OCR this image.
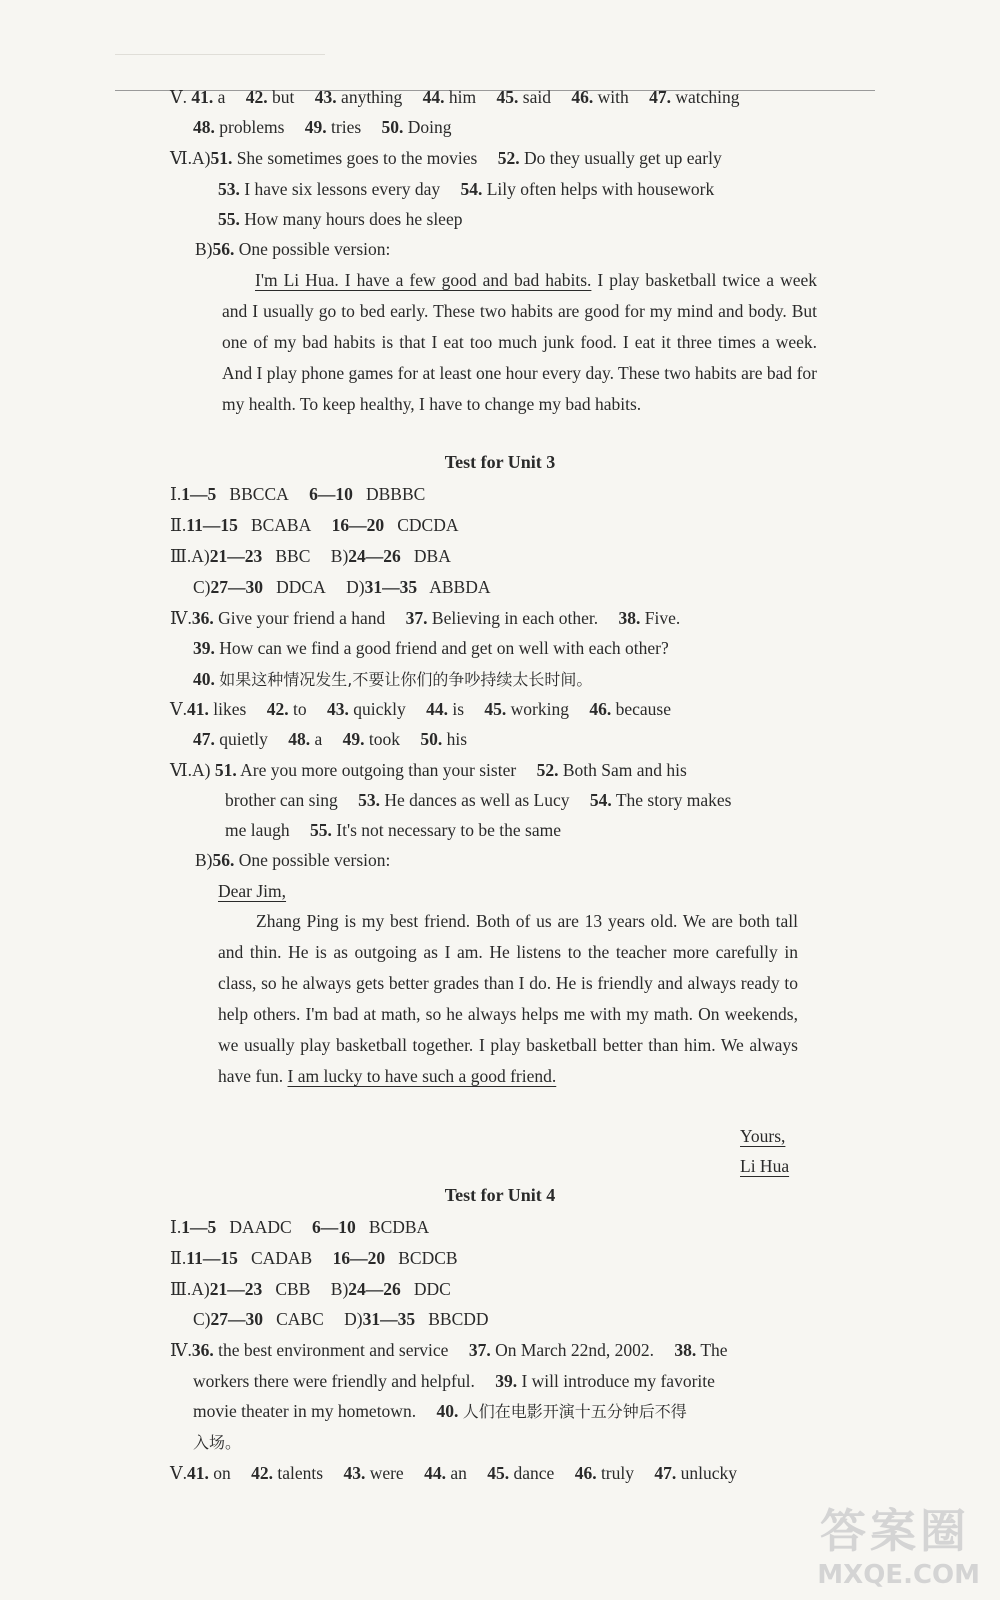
Ⅴ. 41. a 42. but 43. anything 44. him 45. said 46. with 47. watching
48. problems 49. tries 50. Doing
Ⅵ.A)51. She sometimes goes to the movies 52. Do they usually get up early
53. I have six lessons every day 54. Lily often helps with housework
55. How many hours does he sleep
B)56. One possible version:
I'm Li Hua. I have a few good and bad habits. I play basketball twice a week and I usually go to bed early. These two habits are good for my mind and body. But one of my bad habits is that I eat too much junk food. I eat it three times a week. And I play phone games for at least one hour every day. These two habits are bad for my health. To keep healthy, I have to change my bad habits.
Test for Unit 3
Ⅰ.1—5 BBCCA 6—10 DBBBC
Ⅱ.11—15 BCABA 16—20 CDCDA
Ⅲ.A)21—23 BBC B)24—26 DBA
C)27—30 DDCA D)31—35 ABBDA
Ⅳ.36. Give your friend a hand 37. Believing in each other. 38. Five.
39. How can we find a good friend and get on well with each other?
40. 如果这种情况发生,不要让你们的争吵持续太长时间。
Ⅴ.41. likes 42. to 43. quickly 44. is 45. working 46. because
47. quietly 48. a 49. took 50. his
Ⅵ.A) 51. Are you more outgoing than your sister 52. Both Sam and his
brother can sing 53. He dances as well as Lucy 54. The story makes
me laugh 55. It's not necessary to be the same
B)56. One possible version:
Dear Jim,
Zhang Ping is my best friend. Both of us are 13 years old. We are both tall and thin. He is as outgoing as I am. He listens to the teacher more carefully in class, so he always gets better grades than I do. He is friendly and always ready to help others. I'm bad at math, so he always helps me with my math. On weekends, we usually play basketball together. I play basketball better than him. We always have fun. I am lucky to have such a good friend.
Yours,
Li Hua
Test for Unit 4
Ⅰ.1—5 DAADC 6—10 BCDBA
Ⅱ.11—15 CADAB 16—20 BCDCB
Ⅲ.A)21—23 CBB B)24—26 DDC
C)27—30 CABC D)31—35 BBCDD
Ⅳ.36. the best environment and service 37. On March 22nd, 2002. 38. The
workers there were friendly and helpful. 39. I will introduce my favorite
movie theater in my hometown. 40. 人们在电影开演十五分钟后不得
入场。
Ⅴ.41. on 42. talents 43. were 44. an 45. dance 46. truly 47. unlucky
答案圈
MXQE.COM
